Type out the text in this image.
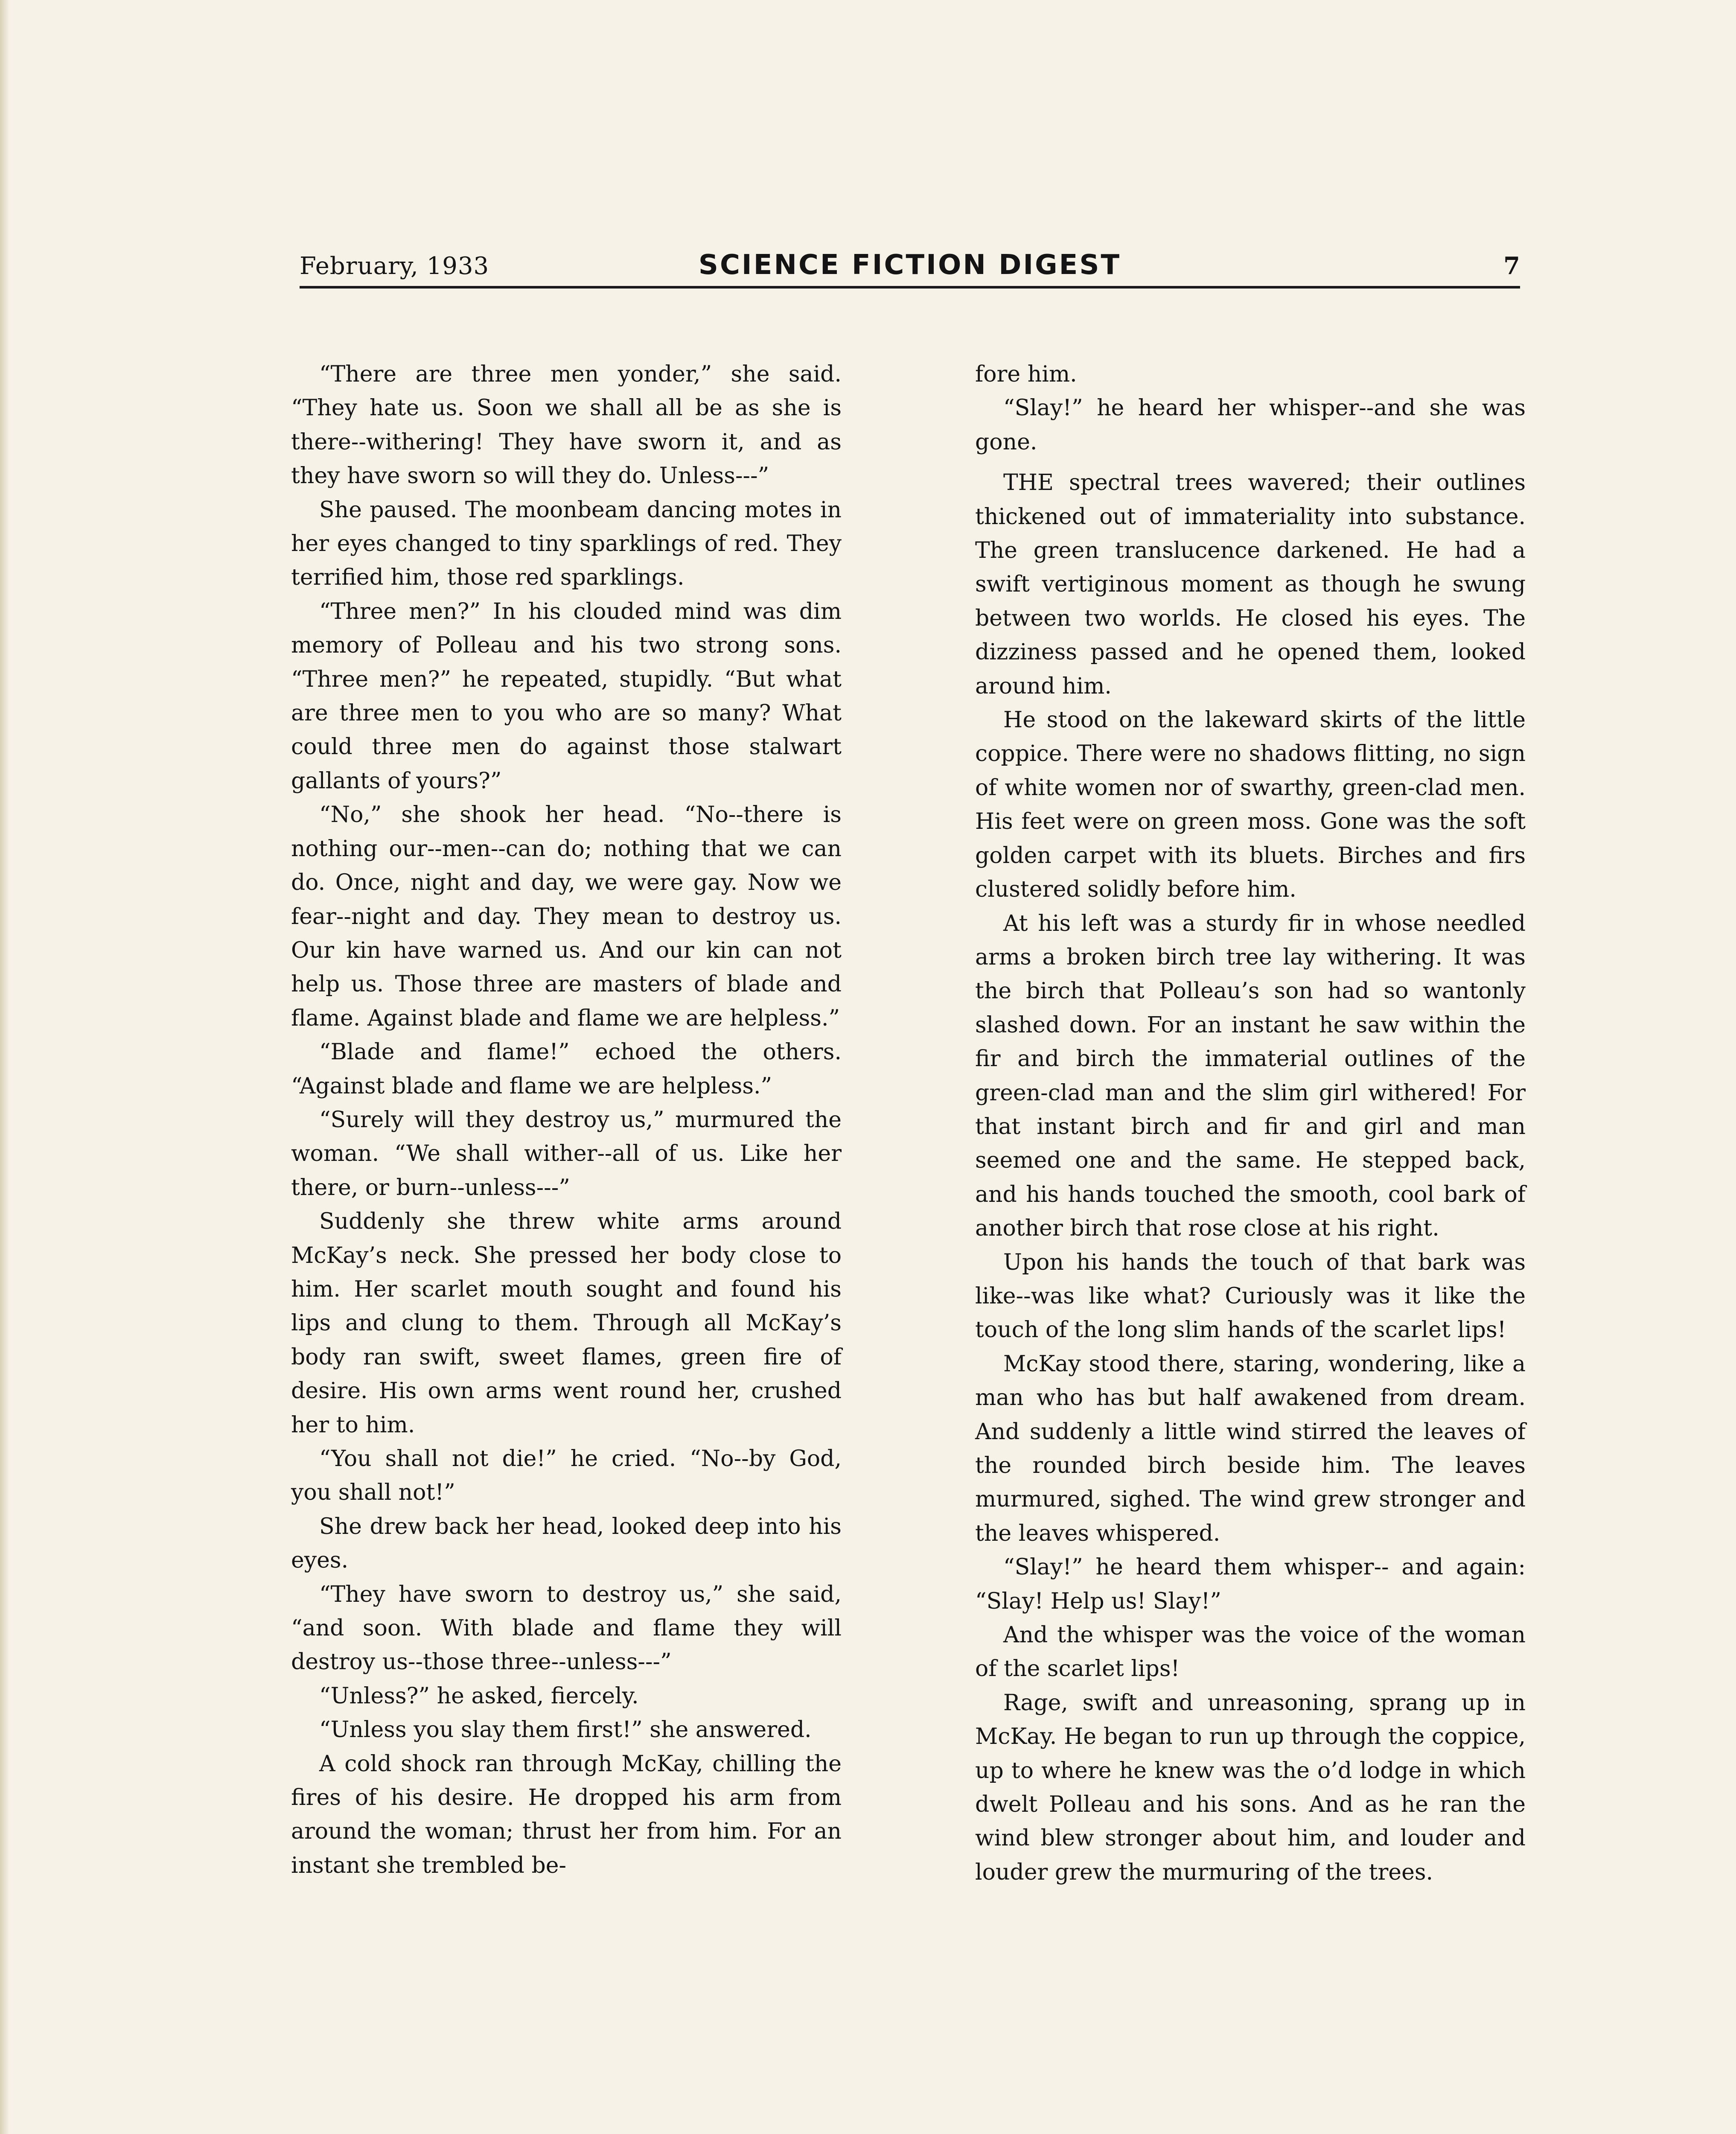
February, 1933	SCIENCE FICTION DIGEST	7

“There are three men yonder,” she said. “They hate us. Soon we shall all be as she is there--withering! They have sworn it, and as they have sworn so will they do. Unless---”

She paused. The moonbeam dancing motes in her eyes changed to tiny sparklings of red. They terrified him, those red sparklings.

“Three men?” In his clouded mind was dim memory of Polleau and his two strong sons. “Three men?” he repeated, stupidly. “But what are three men to you who are so many? What could three men do against those stalwart gallants of yours?”

“No,” she shook her head. “No--there is nothing our--men--can do; nothing that we can do. Once, night and day, we were gay. Now we fear--night and day. They mean to destroy us. Our kin have warned us. And our kin can not help us. Those three are masters of blade and flame. Against blade and flame we are helpless.”

“Blade and flame!” echoed the others. “Against blade and flame we are helpless.”

“Surely will they destroy us,” murmured the woman. “We shall wither--all of us. Like her there, or burn--unless---”

Suddenly she threw white arms around McKay’s neck. She pressed her body close to him. Her scarlet mouth sought and found his lips and clung to them. Through all McKay’s body ran swift, sweet flames, green fire of desire. His own arms went round her, crushed her to him.

“You shall not die!” he cried. “No--by God, you shall not!”

She drew back her head, looked deep into his eyes.

“They have sworn to destroy us,” she said, “and soon. With blade and flame they will destroy us--those three--unless---”

“Unless?” he asked, fiercely.

“Unless you slay them first!” she answered.

A cold shock ran through McKay, chilling the fires of his desire. He dropped his arm from around the woman; thrust her from him. For an instant she trembled be-

fore him.

“Slay!” he heard her whisper--and she was gone.

THE spectral trees wavered; their outlines thickened out of immateriality into substance. The green translucence darkened. He had a swift vertiginous moment as though he swung between two worlds. He closed his eyes. The dizziness passed and he opened them, looked around him.

He stood on the lakeward skirts of the little coppice. There were no shadows flitting, no sign of white women nor of swarthy, green-clad men. His feet were on green moss. Gone was the soft golden carpet with its bluets. Birches and firs clustered solidly before him.

At his left was a sturdy fir in whose needled arms a broken birch tree lay withering. It was the birch that Polleau’s son had so wantonly slashed down. For an instant he saw within the fir and birch the immaterial outlines of the green-clad man and the slim girl withered! For that instant birch and fir and girl and man seemed one and the same. He stepped back, and his hands touched the smooth, cool bark of another birch that rose close at his right.

Upon his hands the touch of that bark was like--was like what? Curiously was it like the touch of the long slim hands of the scarlet lips!

McKay stood there, staring, wondering, like a man who has but half awakened from dream. And suddenly a little wind stirred the leaves of the rounded birch beside him. The leaves murmured, sighed. The wind grew stronger and the leaves whispered.

“Slay!” he heard them whisper-- and again: “Slay! Help us! Slay!”

And the whisper was the voice of the woman of the scarlet lips!

Rage, swift and unreasoning, sprang up in McKay. He began to run up through the coppice, up to where he knew was the o’d lodge in which dwelt Polleau and his sons. And as he ran the wind blew stronger about him, and louder and louder grew the murmuring of the trees.
